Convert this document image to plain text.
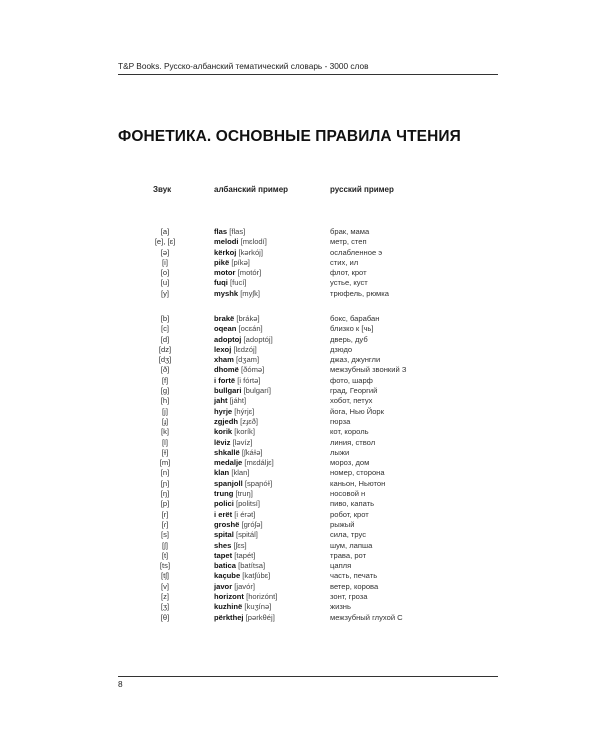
T&P Books. Русско-албанский тематический словарь - 3000 слов
ФОНЕТИКА. ОСНОВНЫЕ ПРАВИЛА ЧТЕНИЯ
Звук	албанский пример	русский пример
[a]	flas [flas]	брак, мама
[e], [ɛ]	melodi [mɛlodí]	метр, степ
[ə]	kërkoj [kərkój]	ослабленное э
[i]	pikë [píkə]	стих, ил
[o]	motor [motór]	флот, крот
[u]	fuqi [fucí]	устье, куст
[y]	myshk [myʃk]	трюфель, рюмка
[b]	brakë [brákə]	бокс, барабан
[c]	oqean [ocɛán]	близко к [чь]
[d]	adoptoj [adoptój]	дверь, дуб
[dz]	lexoj [lɛdzój]	дзюдо
[dʒ]	xham [dʒam]	джаз, джунгли
[ð]	dhomë [ðómə]	межзубный звонкий З
[f]	i fortë [i fórtə]	фото, шарф
[g]	bullgari [bulgarí]	град, Георгий
[h]	jaht [jáht]	хобот, петух
[j]	hyrje [hýrjɛ]	йога, Нью Йорк
[ɟ]	zgjedh [zɟɛð]	гюрза
[k]	korik [korík]	кот, король
[l]	lëviz [ləvíz]	линия, ствол
[ɫ]	shkallë [ʃkáɫə]	лыжи
[m]	medalje [mɛdáljɛ]	мороз, дом
[n]	klan [klan]	номер, сторона
[ɲ]	spanjoll [spaɲóɫ]	каньон, Ньютон
[ŋ]	trung [truŋ]	носовой н
[p]	polici [politsí]	пиво, капать
[r]	i erët [i érət]	робот, крот
[ɾ]	groshë [gróʃə]	рыжый
[s]	spital [spitál]	сила, трус
[ʃ]	shes [ʃɛs]	шум, лапша
[t]	tapet [tapét]	трава, рот
[ts]	batica [batítsa]	цапля
[tʃ]	kaçube [katʃúbɛ]	часть, печать
[v]	javor [javór]	ветер, корова
[z]	horizont [horizónt]	зонт, гроза
[ʒ]	kuzhinë [kuʒínə]	жизнь
[θ]	përkthej [pərkθéj]	межзубный глухой С
8
